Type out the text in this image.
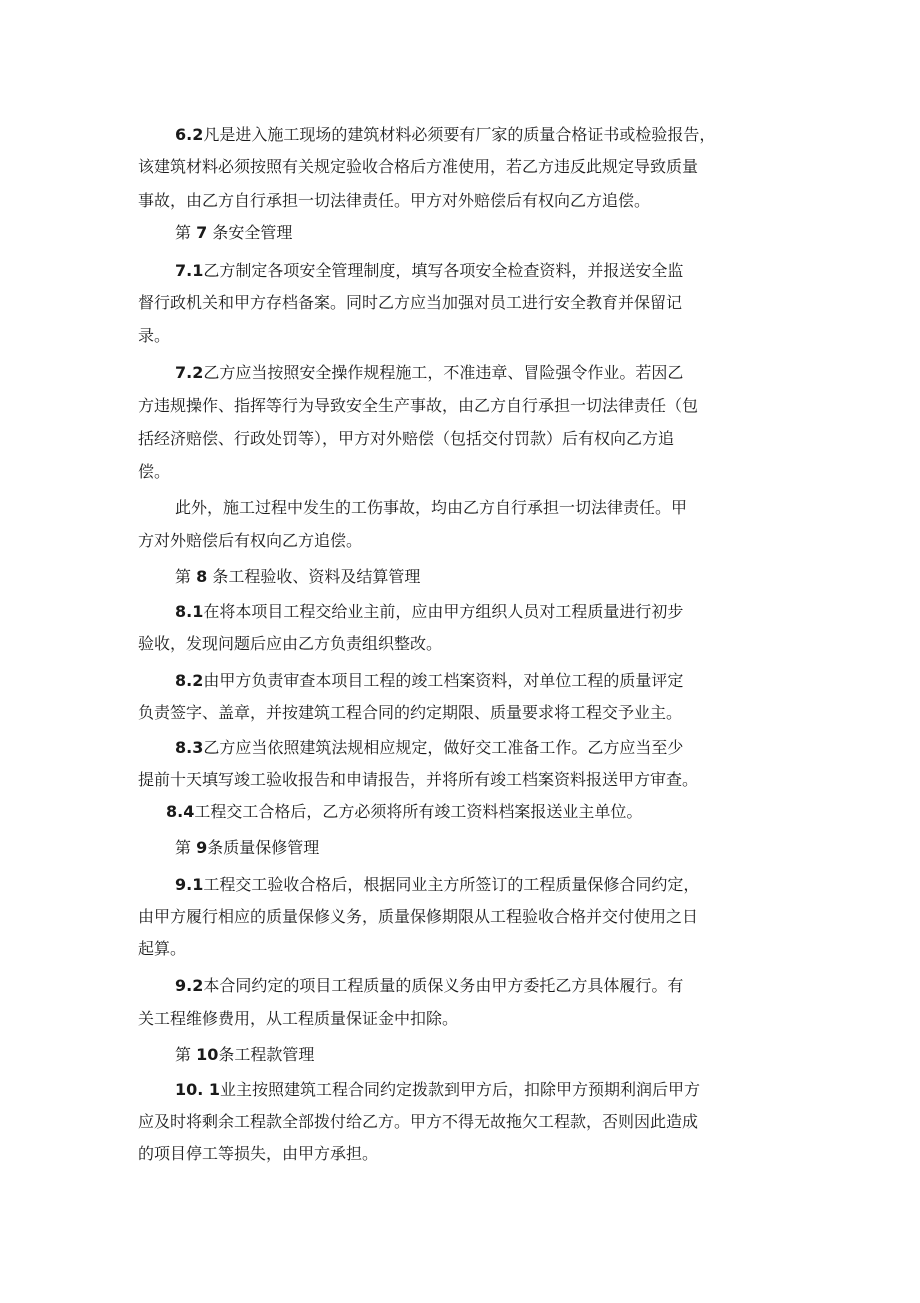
6.2凡是进入施工现场的建筑材料必须要有厂家的质量合格证书或检验报告，
该建筑材料必须按照有关规定验收合格后方准使用，若乙方违反此规定导致质量
事故，由乙方自行承担一切法律责任。甲方对外赔偿后有权向乙方追偿。
第 7 条安全管理
7.1乙方制定各项安全管理制度，填写各项安全检查资料，并报送安全监
督行政机关和甲方存档备案。同时乙方应当加强对员工进行安全教育并保留记
录。
7.2乙方应当按照安全操作规程施工，不准违章、冒险强令作业。若因乙
方违规操作、指挥等行为导致安全生产事故，由乙方自行承担一切法律责任（包
括经济赔偿、行政处罚等），甲方对外赔偿（包括交付罚款）后有权向乙方追
偿。
此外，施工过程中发生的工伤事故，均由乙方自行承担一切法律责任。甲
方对外赔偿后有权向乙方追偿。
第 8 条工程验收、资料及结算管理
8.1在将本项目工程交给业主前，应由甲方组织人员对工程质量进行初步
验收，发现问题后应由乙方负责组织整改。
8.2由甲方负责审查本项目工程的竣工档案资料，对单位工程的质量评定
负责签字、盖章，并按建筑工程合同的约定期限、质量要求将工程交予业主。
8.3乙方应当依照建筑法规相应规定，做好交工准备工作。乙方应当至少
提前十天填写竣工验收报告和申请报告，并将所有竣工档案资料报送甲方审查。
8.4工程交工合格后，乙方必须将所有竣工资料档案报送业主单位。
第 9条质量保修管理
9.1工程交工验收合格后，根据同业主方所签订的工程质量保修合同约定，
由甲方履行相应的质量保修义务，质量保修期限从工程验收合格并交付使用之日
起算。
9.2本合同约定的项目工程质量的质保义务由甲方委托乙方具体履行。有
关工程维修费用，从工程质量保证金中扣除。
第 10条工程款管理
10. 1业主按照建筑工程合同约定拨款到甲方后，扣除甲方预期利润后甲方
应及时将剩余工程款全部拨付给乙方。甲方不得无故拖欠工程款，否则因此造成
的项目停工等损失，由甲方承担。
